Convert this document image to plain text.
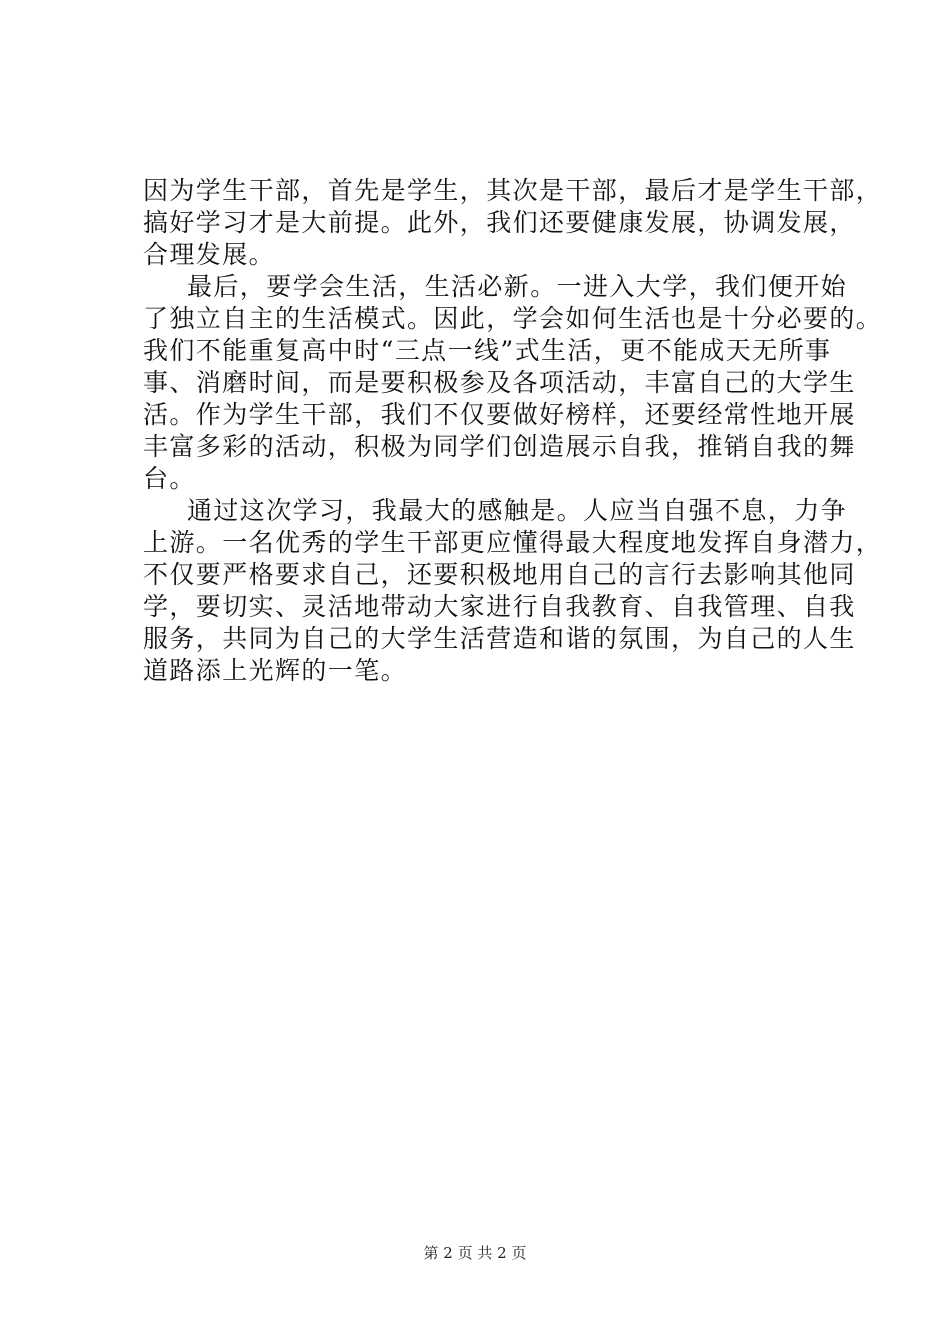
因为学生干部，首先是学生，其次是干部，最后才是学生干部，
搞好学习才是大前提。此外，我们还要健康发展，协调发展，
合理发展。
最后，要学会生活，生活必新。一进入大学，我们便开始
了独立自主的生活模式。因此，学会如何生活也是十分必要的。
我们不能重复高中时“三点一线”式生活，更不能成天无所事
事、消磨时间，而是要积极参及各项活动，丰富自己的大学生
活。作为学生干部，我们不仅要做好榜样，还要经常性地开展
丰富多彩的活动，积极为同学们创造展示自我，推销自我的舞
台。
通过这次学习，我最大的感触是。人应当自强不息，力争
上游。一名优秀的学生干部更应懂得最大程度地发挥自身潜力，
不仅要严格要求自己，还要积极地用自己的言行去影响其他同
学，要切实、灵活地带动大家进行自我教育、自我管理、自我
服务，共同为自己的大学生活营造和谐的氛围，为自己的人生
道路添上光辉的一笔。
第 2 页 共 2 页
